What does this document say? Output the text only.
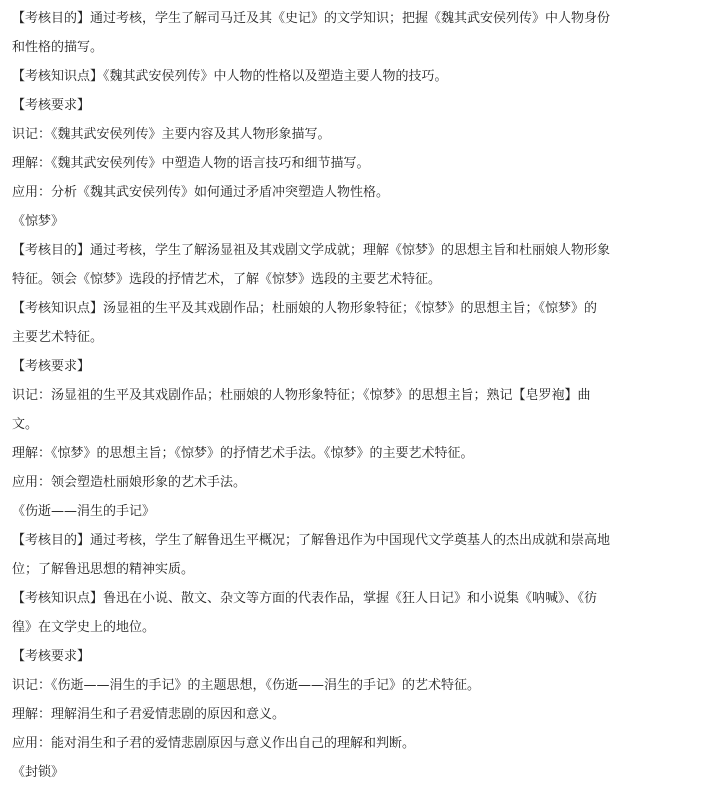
【考核目的】通过考核，学生了解司马迁及其《史记》的文学知识；把握《魏其武安侯列传》中人物身份
和性格的描写。
【考核知识点】《魏其武安侯列传》中人物的性格以及塑造主要人物的技巧。
【考核要求】
识记：《魏其武安侯列传》主要内容及其人物形象描写。
理解：《魏其武安侯列传》中塑造人物的语言技巧和细节描写。
应用：分析《魏其武安侯列传》如何通过矛盾冲突塑造人物性格。
《惊梦》
【考核目的】通过考核，学生了解汤显祖及其戏剧文学成就；理解《惊梦》的思想主旨和杜丽娘人物形象
特征。领会《惊梦》选段的抒情艺术，了解《惊梦》选段的主要艺术特征。
【考核知识点】汤显祖的生平及其戏剧作品；杜丽娘的人物形象特征；《惊梦》的思想主旨；《惊梦》的
主要艺术特征。
【考核要求】
识记：汤显祖的生平及其戏剧作品；杜丽娘的人物形象特征；《惊梦》的思想主旨；熟记【皂罗袍】曲
文。
理解：《惊梦》的思想主旨；《惊梦》的抒情艺术手法。《惊梦》的主要艺术特征。
应用：领会塑造杜丽娘形象的艺术手法。
《伤逝——涓生的手记》
【考核目的】通过考核，学生了解鲁迅生平概况；了解鲁迅作为中国现代文学奠基人的杰出成就和崇高地
位；了解鲁迅思想的精神实质。
【考核知识点】鲁迅在小说、散文、杂文等方面的代表作品，掌握《狂人日记》和小说集《呐喊》、《彷
徨》在文学史上的地位。
【考核要求】
识记：《伤逝——涓生的手记》的主题思想，《伤逝——涓生的手记》的艺术特征。
理解：理解涓生和子君爱情悲剧的原因和意义。
应用：能对涓生和子君的爱情悲剧原因与意义作出自己的理解和判断。
《封锁》
